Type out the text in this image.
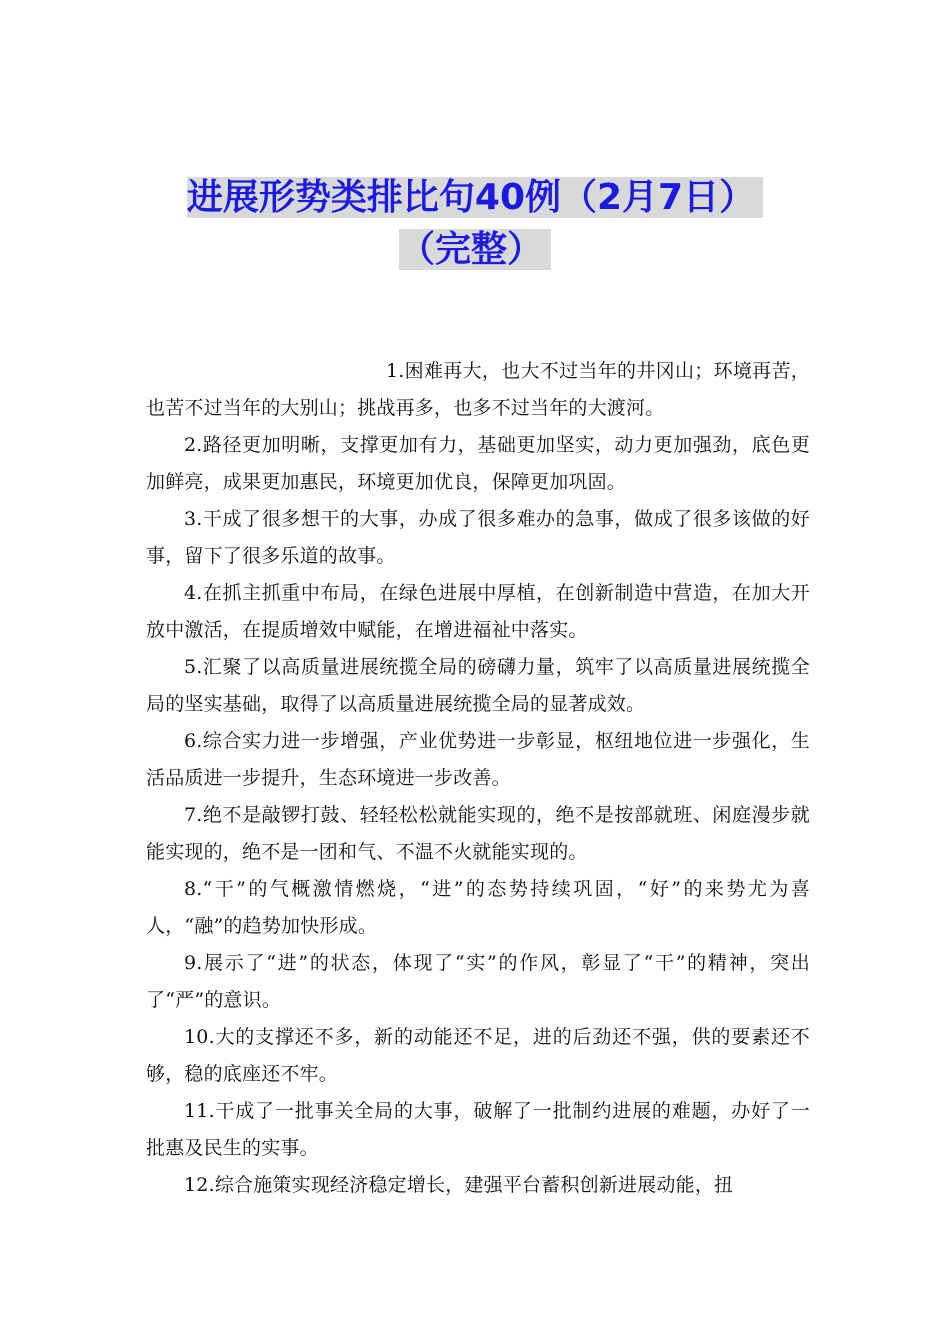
进展形势类排比句40例（2月7日）
（完整）

1.困难再大，也大不过当年的井冈山；环境再苦，也苦不过当年的大别山；挑战再多，也多不过当年的大渡河。

2.路径更加明晰，支撑更加有力，基础更加坚实，动力更加强劲，底色更加鲜亮，成果更加惠民，环境更加优良，保障更加巩固。

3.干成了很多想干的大事，办成了很多难办的急事，做成了很多该做的好事，留下了很多乐道的故事。

4.在抓主抓重中布局，在绿色进展中厚植，在创新制造中营造，在加大开放中激活，在提质增效中赋能，在增进福祉中落实。

5.汇聚了以高质量进展统揽全局的磅礴力量，筑牢了以高质量进展统揽全局的坚实基础，取得了以高质量进展统揽全局的显著成效。

6.综合实力进一步增强，产业优势进一步彰显，枢纽地位进一步强化，生活品质进一步提升，生态环境进一步改善。

7.绝不是敲锣打鼓、轻轻松松就能实现的，绝不是按部就班、闲庭漫步就能实现的，绝不是一团和气、不温不火就能实现的。

8.“干”的气概激情燃烧，“进”的态势持续巩固，“好”的来势尤为喜人，“融”的趋势加快形成。

9.展示了“进”的状态，体现了“实”的作风，彰显了“干”的精神，突出了“严”的意识。

10.大的支撑还不多，新的动能还不足，进的后劲还不强，供的要素还不够，稳的底座还不牢。

11.干成了一批事关全局的大事，破解了一批制约进展的难题，办好了一批惠及民生的实事。

12.综合施策实现经济稳定增长，建强平台蓄积创新进展动能，扭
